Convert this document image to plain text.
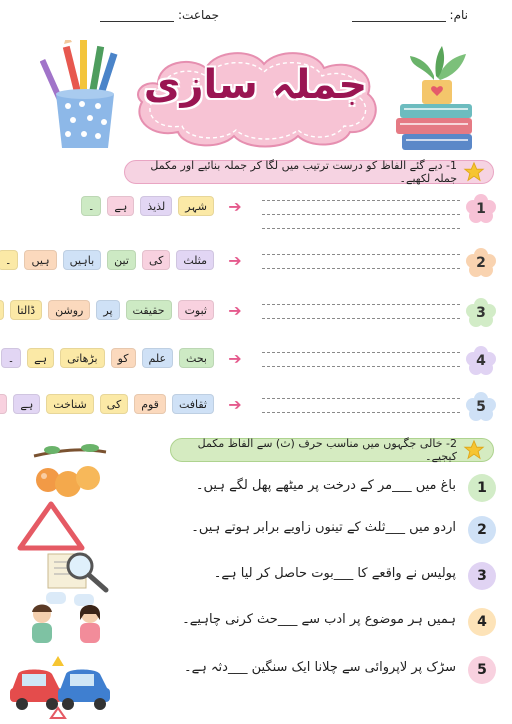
نام:
جماعت:
جملہ سازی
1- دیے گئے الفاظ کو درست ترتیب میں لگا کر جملہ بنائیے اور مکمل جملہ لکھیے۔
1
➔
شہر
لذیذ
ہے
۔
2
➔
مثلث
کی
تین
باہیں
ہیں
۔
3
➔
ثبوت
حقیقت
پر
روشن
ڈالتا
4
➔
بحث
علم
کو
بڑھاتی
ہے
۔
5
➔
ثقافت
قوم
کی
شناخت
ہے
2- خالی جگہوں میں مناسب حرف (ث) سے الفاظ مکمل کیجیے۔
1
باغ میں ___مر کے درخت پر میٹھے پھل لگے ہیں۔
2
اردو میں ___ثلث کے تینوں زاویے برابر ہوتے ہیں۔
3
پولیس نے واقعے کا ___بوت حاصل کر لیا ہے۔
4
ہمیں ہر موضوع پر ادب سے ___حث کرنی چاہیے۔
5
سڑک پر لاپروائی سے چلانا ایک سنگین ___دثہ ہے۔
